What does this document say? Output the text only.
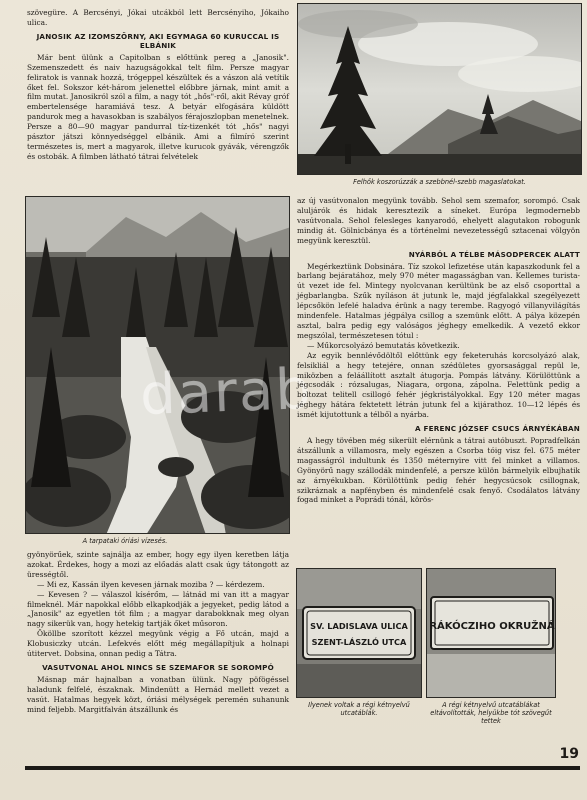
szövegüre. A Bercsényi, Jókai utcákból lett Bercsényiho, Jókaiho ulica.

JANOSIK AZ IZOMSZÖRNY, AKI EGYMAGA 60 KURUCCAL IS ELBÁNIK

Már bent ülünk a Capitolban s előttünk pereg a „Janosik". Szemenszedett és naiv hazugságokkal telt film. Persze magyar feliratok is vannak hozzá, trógeppel készültek és a vászon alá vetítik őket fel. Sokszor két-három jelenettel előbbre járnak, mint amit a film mutat. Janosikról szól a film, a nagy tót „hős"-ről, akit Révay gróf embertelensége haramiává tesz. A betyár elfogására küldött pandurok meg a havasokban is szabályos férajoszlopban menetelnek. Persze a 80—90 magyar pandurral tíz-tizenkét tót „hős" nagyi pásztor játszi könnyedséggel elbánik. Ami a filmíró szerint természetes is, mert a magyarok, illetve kurucok gyávák, vérengzők és ostobák. A filmben látható tátrai felvételek

Felhők koszorúzzák a szebbnél-szebb magaslatokat.
A tarpataki óriási vízesés.
darab

gyönyörűek, szinte sajnálja az ember, hogy egy ilyen keretben látja azokat. Érdekes, hogy a mozi az előadás alatt csak úgy tátongott az ürességtől.

— Mi ez, Kassán ilyen kevesen járnak moziba ? — kérdezem.

— Kevesen ? — válaszol kísérőm, — látnád mi van itt a magyar filmeknél. Már napokkal előbb elkapkodják a jegyeket, pedig látod a „Janosik" az egyetlen tót film ; a magyar darabokknak meg olyan nagy sikerük van, hogy hetekig tartják őket műsoron.

Ököllbe szorított kézzel megyünk végig a Fő utcán, majd a Klobusiczky utcán. Lefekvés előtt még megállapítjuk a holnapi útitervet. Dobsina, onnan pedig a Tátra.

VASUTVONAL AHOL NINCS SE SZEMAFOR SE SOROMPÓ

Másnap már hajnalban a vonatban ülünk. Nagy pöfögéssel haladunk felfelé, északnak. Mindenütt a Hernád mellett vezet a vasút. Hatalmas hegyek közt, óriási mélységek peremén suhanunk mind feljebb. Margitfalván átszállunk és

az új vasútvonalon megyünk tovább. Sehol sem szemafor, sorompó. Csak aluljárók és hidak keresztezik a síneket. Európa legmodernebb vasútvonala. Sehol felesleges kanyarodó, ehelyett alagutakon robogunk mindig át. Gölnicbánya és a történelmi nevezetességű sztacenai völgyön megyünk keresztül.

NYÁRBÓL A TÉLBE MÁSODPERCEK ALATT

Megérkeztünk Dobsinára. Tíz szokol lefizetése után kapaszkodunk fel a barlang bejáratához, mely 970 méter magasságban van. Kellemes turista-út vezet ide fel. Mintegy nyolcvanan kerültünk be az első csoporttal a jégbarlangba. Szűk nyíláson át jutunk le, majd jégfalakkal szegélyezett lépcsőkön lefelé haladva érünk a nagy terembe. Ragyogó villanyvilágítás mindenfele. Hatalmas jégpálya csillog a szemünk előtt. A pálya közepén asztal, balra pedig egy valóságos jéghegy emelkedik. A vezető ekkor megszólal, természetesen tótul :

— Műkorcsolyázó bemutatás következik.

Az egyik bennlévődöltől előttünk egy feketeruhás korcsolyázó alak, felsikliál a hegy tetejére, onnan szédületes gyorsasággal repül le, miközben a feláállított asztalt átugorja. Pompás látvány. Körülöttünk a jégcsodák : rózsalugas, Niagara, orgona, zápolna. Felettünk pedig a boltozat telitell csillogó fehér jégkristályokkal. Egy 120 méter magas jéghegy hátára fektetett létrán jutunk fel a kijárathoz. 10—12 lépés és ismét kijutottunk a télből a nyárba.

A FERENC JÓZSEF CSUCS ÁRNYÉKÁBAN

A hegy tövében még sikerült elérnünk a tátrai autóbuszt. Popradfelkán átszállunk a villamosra, mely egészen a Csorba tóig visz fel. 675 méter magasságról indultunk és 1350 méternyire vitt fel minket a villamos. Gyönyörű nagy szállodák mindenfelé, a persze külön bármelyik elbujhatik az árnyékukban. Körülöttünk pedig fehér hegycsúcsok csillognak, szikráznak a napfényben és mindenfelé csak fenyő. Csodálatos látvány fogad minket a Poprádi tónál, körös-

SV. LADISLAVA ULICA
SZENT-LÁSZLÓ UTCA
Ilyenek voltak a régi kétnyelvű utcatáblák.
RÁKÓCZIHO OKRUŽNÁ
A régi kétnyelvű utcatáblákat eltávolították, helyükbe tót szövegűt tettek
19
